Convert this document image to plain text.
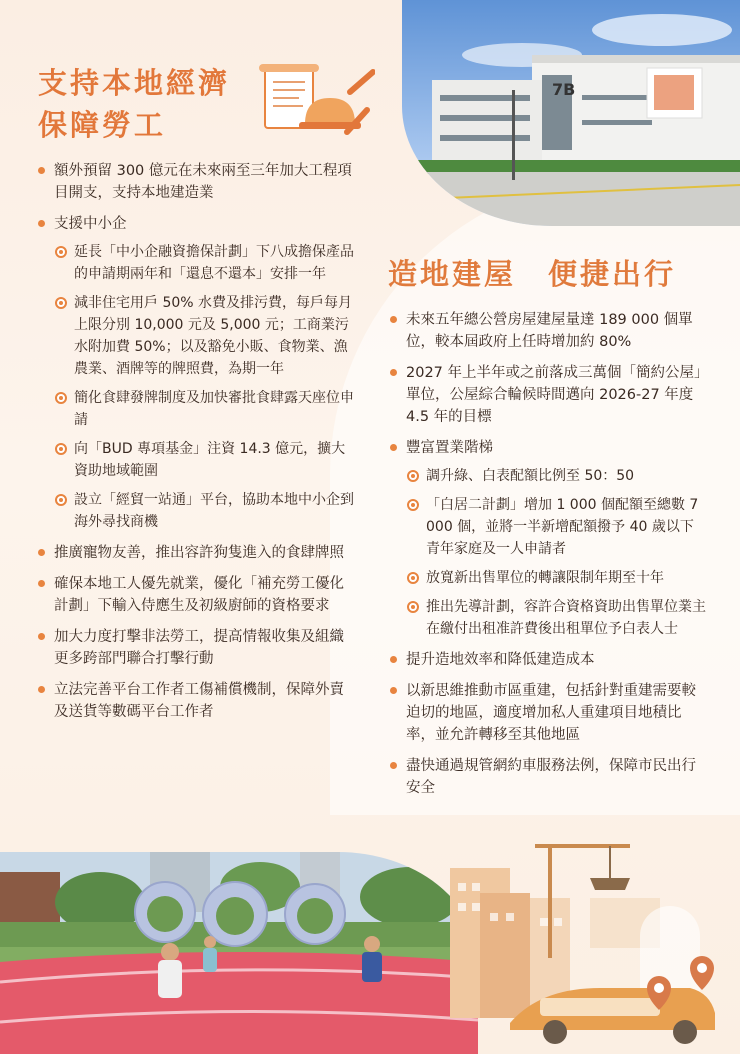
7B
支持本地經濟
保障勞工
額外預留 300 億元在未來兩至三年加大工程項目開支，支持本地建造業
支援中小企
延長「中小企融資擔保計劃」下八成擔保產品的申請期兩年和「還息不還本」安排一年
減非住宅用戶 50% 水費及排污費，每戶每月上限分別 10,000 元及 5,000 元；工商業污水附加費 50%；以及豁免小販、食物業、漁農業、酒牌等的牌照費，為期一年
簡化食肆發牌制度及加快審批食肆露天座位申請
向「BUD 專項基金」注資 14.3 億元，擴大資助地域範圍
設立「經貿一站通」平台，協助本地中小企到海外尋找商機
推廣寵物友善，推出容許狗隻進入的食肆牌照
確保本地工人優先就業，優化「補充勞工優化計劃」下輸入侍應生及初級廚師的資格要求
加大力度打擊非法勞工，提高情報收集及組織更多跨部門聯合打擊行動
立法完善平台工作者工傷補償機制，保障外賣及送貨等數碼平台工作者
造地建屋　便捷出行
未來五年總公營房屋建屋量達 189 000 個單位，較本屆政府上任時增加約 80%
2027 年上半年或之前落成三萬個「簡約公屋」單位，公屋綜合輪候時間邁向 2026-27 年度 4.5 年的目標
豐富置業階梯
調升綠、白表配額比例至 50：50
「白居二計劃」增加 1 000 個配額至總數 7 000 個，並將一半新增配額撥予 40 歲以下青年家庭及一人申請者
放寬新出售單位的轉讓限制年期至十年
推出先導計劃，容許合資格資助出售單位業主在繳付出租准許費後出租單位予白表人士
提升造地效率和降低建造成本
以新思維推動市區重建，包括針對重建需要較迫切的地區，適度增加私人重建項目地積比率，並允許轉移至其他地區
盡快通過規管網約車服務法例，保障市民出行安全
